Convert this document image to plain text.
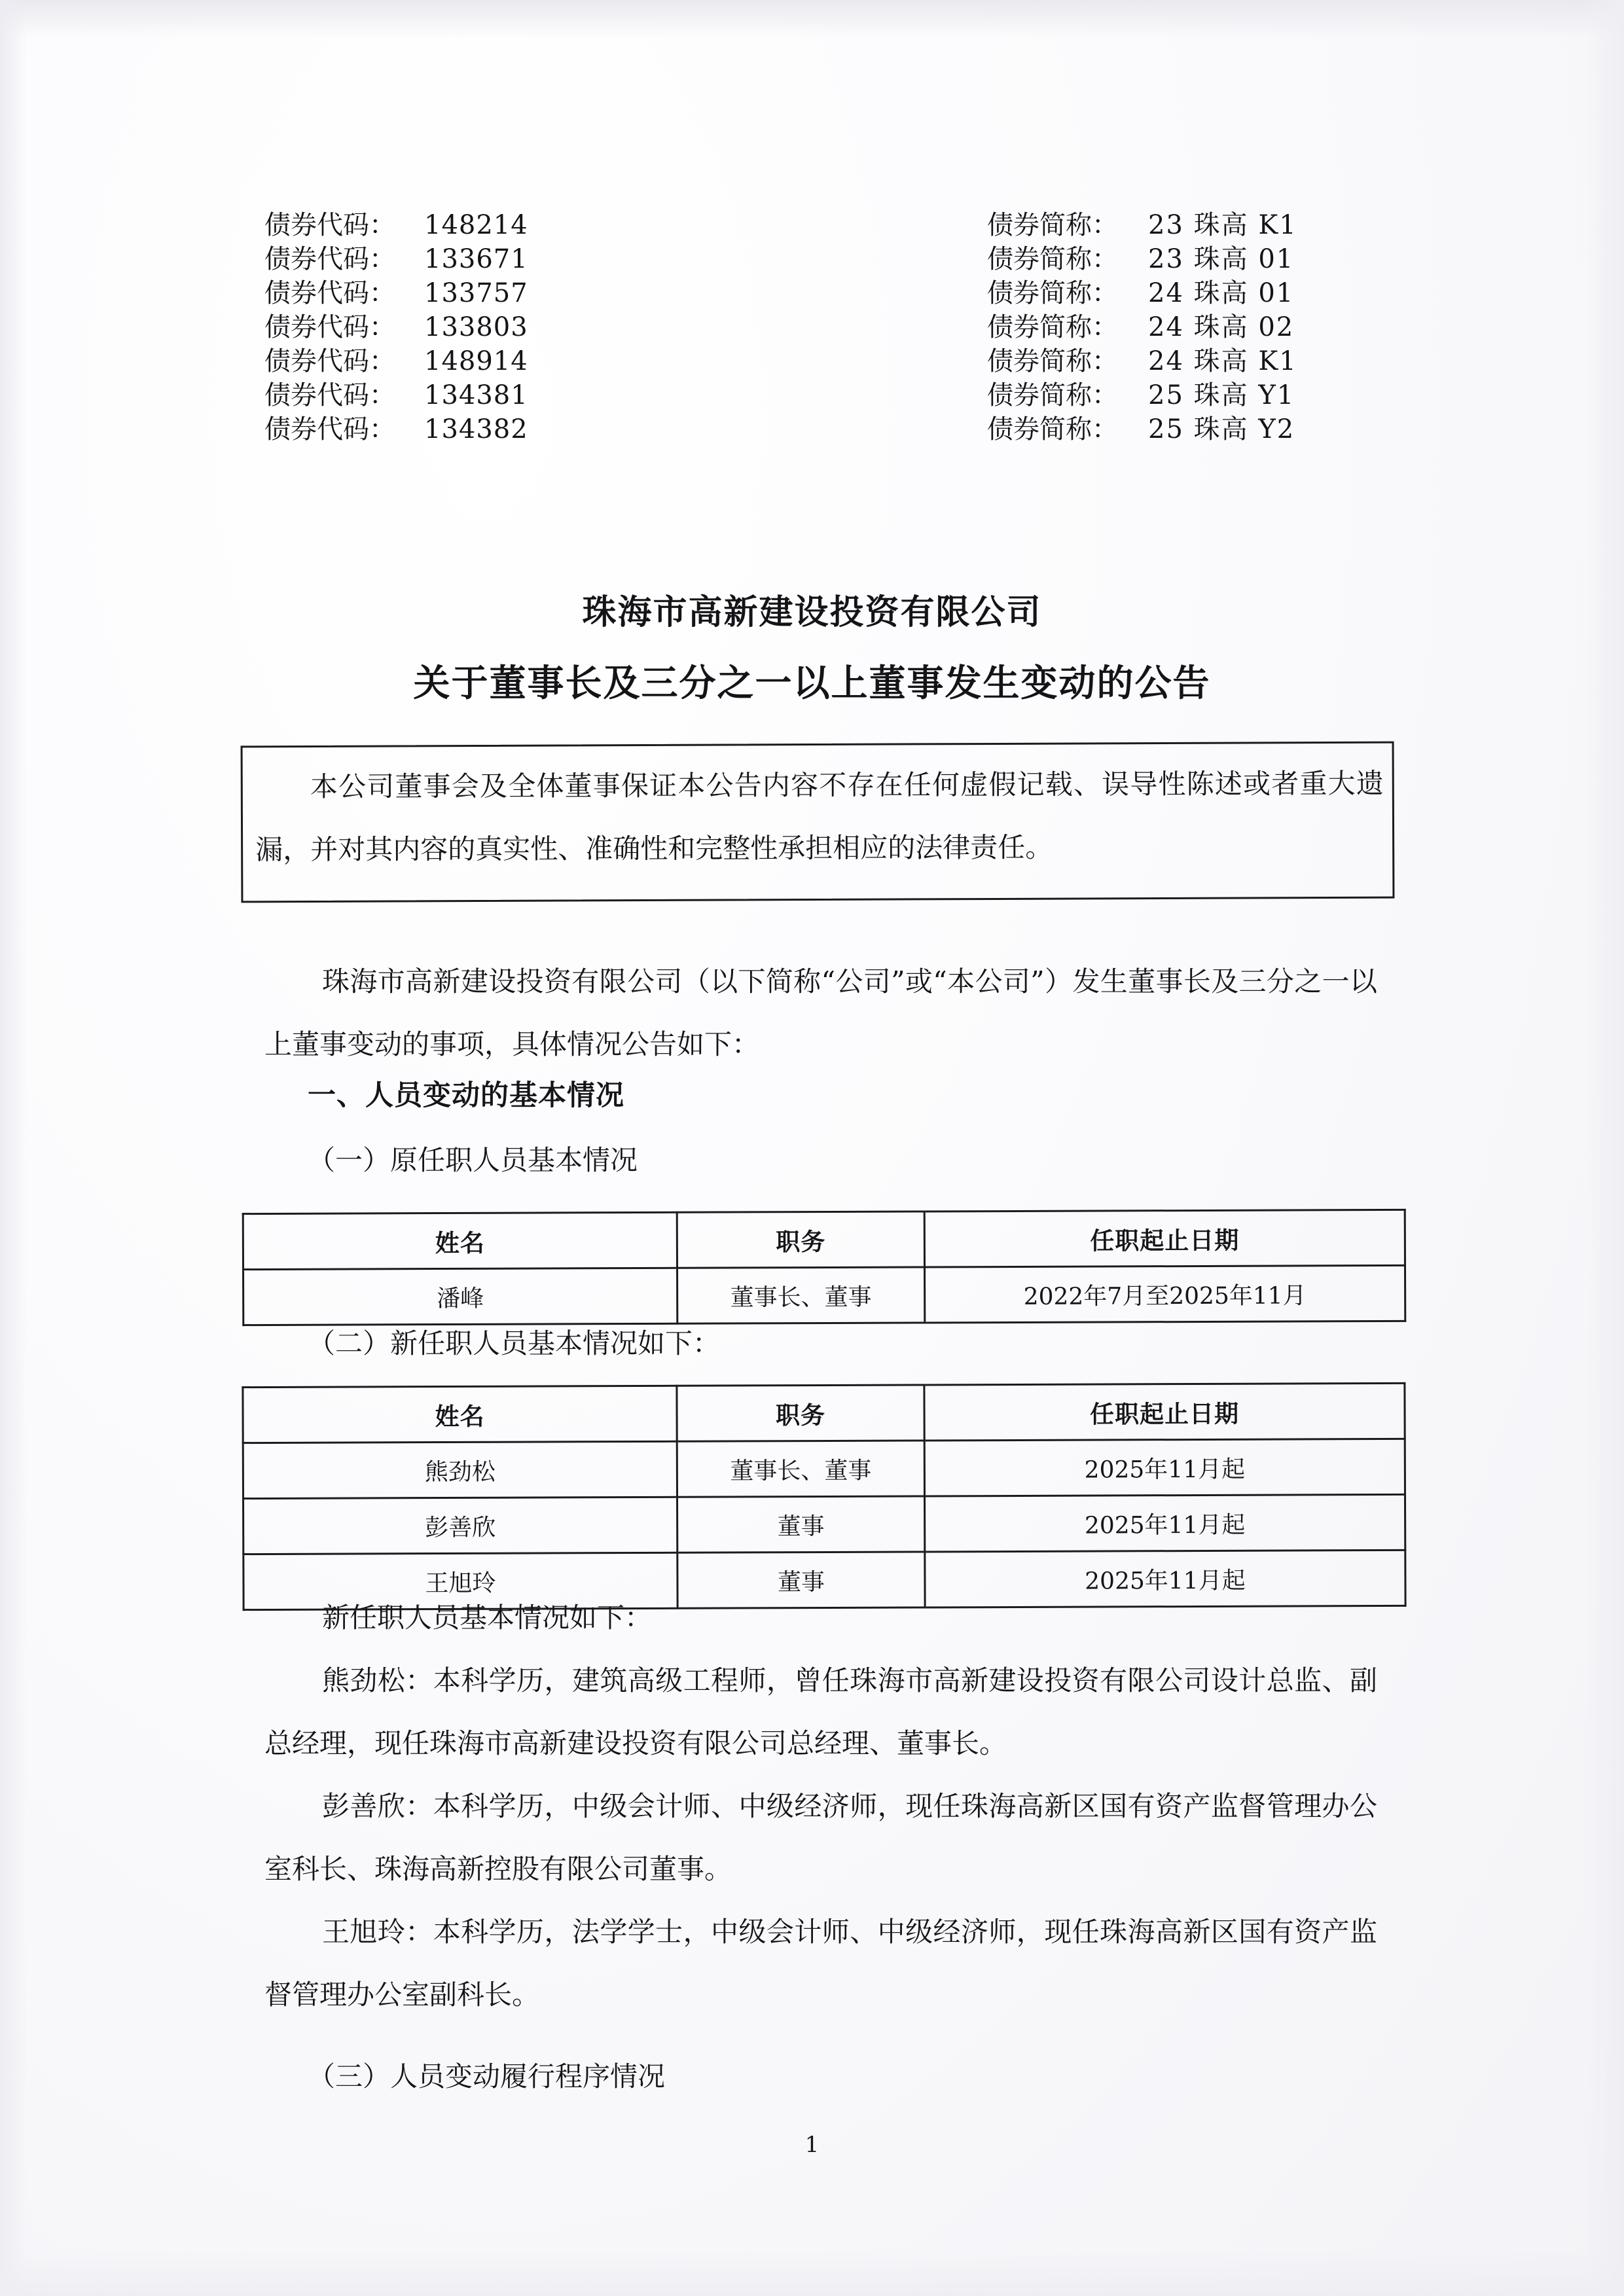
债券代码： 148214	债券简称： 23 珠高 K1
债券代码： 133671	债券简称： 23 珠高 01
债券代码： 133757	债券简称： 24 珠高 01
债券代码： 133803	债券简称： 24 珠高 02
债券代码： 148914	债券简称： 24 珠高 K1
债券代码： 134381	债券简称： 25 珠高 Y1
债券代码： 134382	债券简称： 25 珠高 Y2
珠海市高新建设投资有限公司
关于董事长及三分之一以上董事发生变动的公告
本公司董事会及全体董事保证本公告内容不存在任何虚假记载、误导性陈述或者重大遗漏，并对其内容的真实性、准确性和完整性承担相应的法律责任。
珠海市高新建设投资有限公司（以下简称“公司”或“本公司”）发生董事长及三分之一以上董事变动的事项，具体情况公告如下：
一、人员变动的基本情况
（一）原任职人员基本情况
姓名	职务	任职起止日期
潘峰	董事长、董事	2022年7月至2025年11月
（二）新任职人员基本情况如下：
姓名	职务	任职起止日期
熊劲松	董事长、董事	2025年11月起
彭善欣	董事	2025年11月起
王旭玲	董事	2025年11月起
新任职人员基本情况如下：
熊劲松：本科学历，建筑高级工程师，曾任珠海市高新建设投资有限公司设计总监、副总经理，现任珠海市高新建设投资有限公司总经理、董事长。
彭善欣：本科学历，中级会计师、中级经济师，现任珠海高新区国有资产监督管理办公室科长、珠海高新控股有限公司董事。
王旭玲：本科学历，法学学士，中级会计师、中级经济师，现任珠海高新区国有资产监督管理办公室副科长。
（三）人员变动履行程序情况
1
